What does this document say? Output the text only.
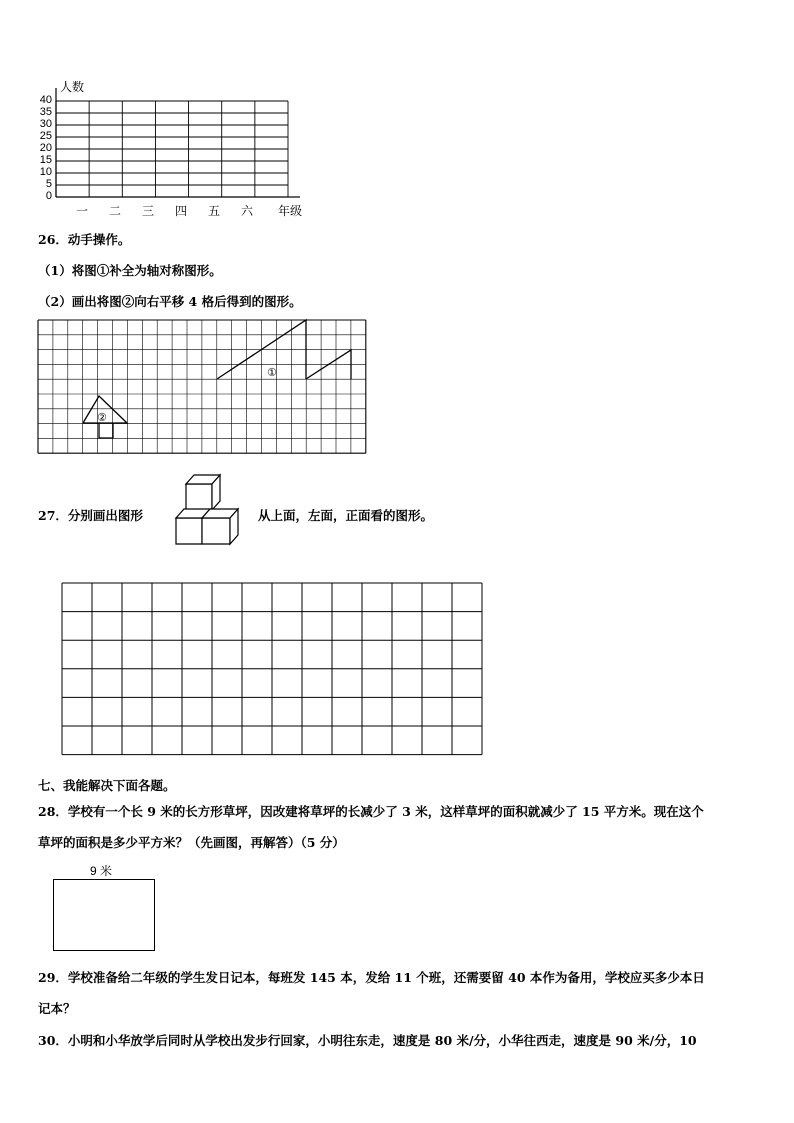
人数
40
35
30
25
20
15
10
5
0
一 二 三 四 五 六 年级
26．动手操作。
（1）将图①补全为轴对称图形。
（2）画出将图②向右平移 4 格后得到的图形。
①
②
27．分别画出图形	从上面，左面，正面看的图形。
七、我能解决下面各题。
28．学校有一个长 9 米的长方形草坪，因改建将草坪的长减少了 3 米，这样草坪的面积就减少了 15 平方米。现在这个
草坪的面积是多少平方米？（先画图，再解答）（5 分）
9 米
29．学校准备给二年级的学生发日记本，每班发 145 本，发给 11 个班，还需要留 40 本作为备用，学校应买多少本日
记本？
30．小明和小华放学后同时从学校出发步行回家，小明往东走，速度是 80 米/分，小华往西走，速度是 90 米/分，10
